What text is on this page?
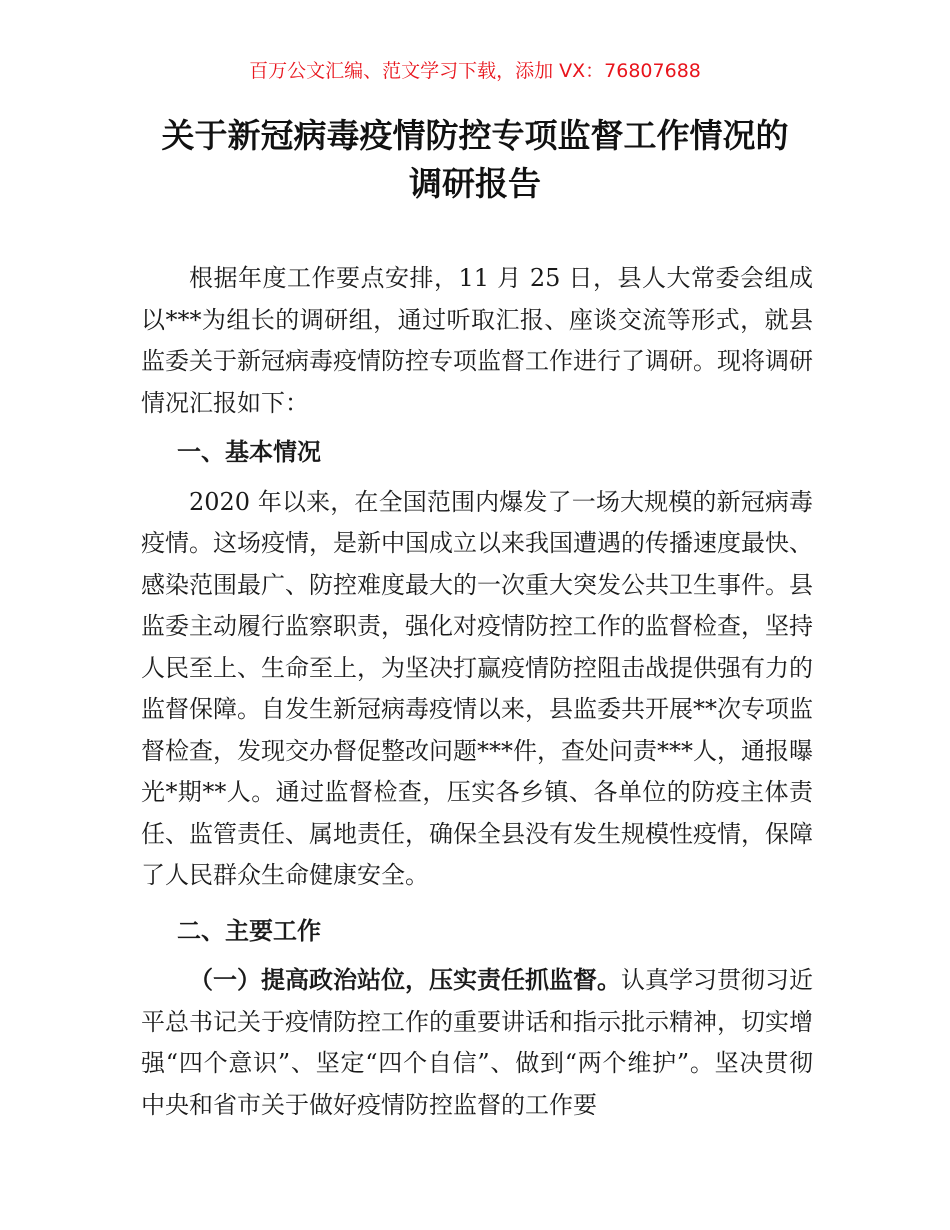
百万公文汇编、范文学习下载，添加 VX：76807688
关于新冠病毒疫情防控专项监督工作情况的
调研报告

根据年度工作要点安排，11 月 25 日，县人大常委会组成以***为组长的调研组，通过听取汇报、座谈交流等形式，就县监委关于新冠病毒疫情防控专项监督工作进行了调研。现将调研情况汇报如下：

一、基本情况

2020 年以来，在全国范围内爆发了一场大规模的新冠病毒疫情。这场疫情，是新中国成立以来我国遭遇的传播速度最快、感染范围最广、防控难度最大的一次重大突发公共卫生事件。县监委主动履行监察职责，强化对疫情防控工作的监督检查，坚持人民至上、生命至上，为坚决打赢疫情防控阻击战提供强有力的监督保障。自发生新冠病毒疫情以来，县监委共开展**次专项监督检查，发现交办督促整改问题***件，查处问责***人，通报曝光*期**人。通过监督检查，压实各乡镇、各单位的防疫主体责任、监管责任、属地责任，确保全县没有发生规模性疫情，保障了人民群众生命健康安全。

二、主要工作

（一）提高政治站位，压实责任抓监督。认真学习贯彻习近平总书记关于疫情防控工作的重要讲话和指示批示精神，切实增强“四个意识”、坚定“四个自信”、做到“两个维护”。坚决贯彻中央和省市关于做好疫情防控监督的工作要
